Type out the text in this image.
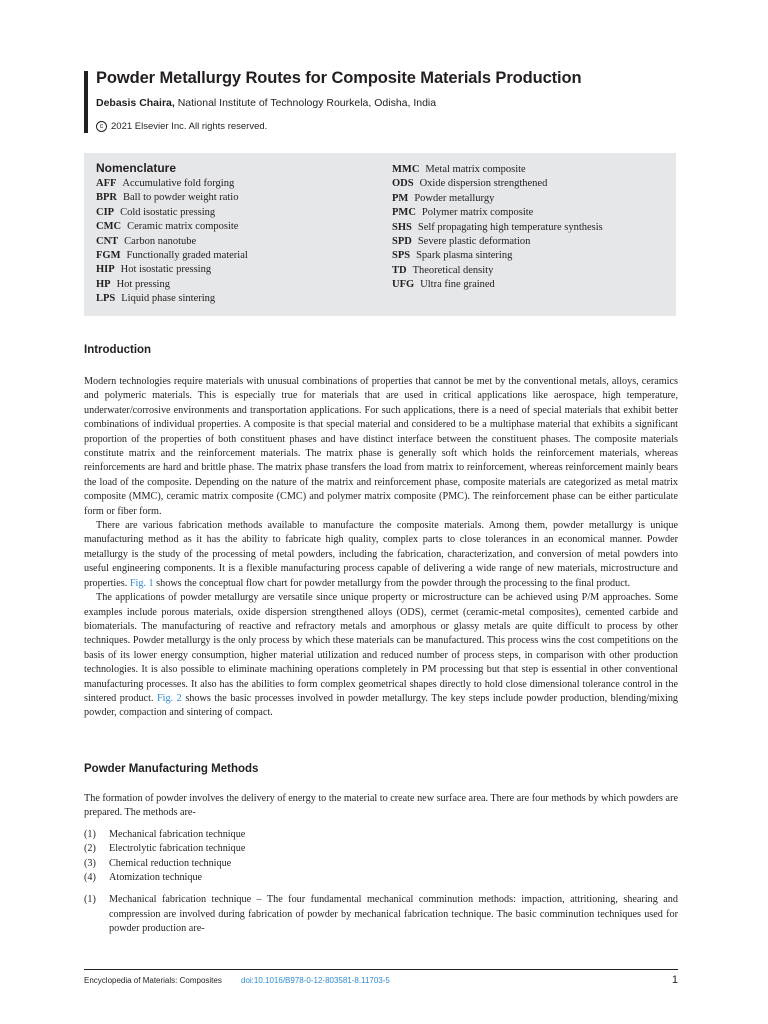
Powder Metallurgy Routes for Composite Materials Production
Debasis Chaira, National Institute of Technology Rourkela, Odisha, India
c 2021 Elsevier Inc. All rights reserved.
Nomenclature
AFF Accumulative fold forging
BPR Ball to powder weight ratio
CIP Cold isostatic pressing
CMC Ceramic matrix composite
CNT Carbon nanotube
FGM Functionally graded material
HIP Hot isostatic pressing
HP Hot pressing
LPS Liquid phase sintering
MMC Metal matrix composite
ODS Oxide dispersion strengthened
PM Powder metallurgy
PMC Polymer matrix composite
SHS Self propagating high temperature synthesis
SPD Severe plastic deformation
SPS Spark plasma sintering
TD Theoretical density
UFG Ultra fine grained
Introduction

Modern technologies require materials with unusual combinations of properties that cannot be met by the conventional metals, alloys, ceramics and polymeric materials. This is especially true for materials that are used in critical applications like aerospace, high temperature, underwater/corrosive environments and transportation applications. For such applications, there is a need of special materials that exhibit better combinations of individual properties. A composite is that special material and considered to be a multiphase material that exhibits a significant proportion of the properties of both constituent phases and have distinct interface between the constituent phases. The composite materials constitute matrix and the reinforcement materials. The matrix phase is generally soft which holds the reinforcement materials, whereas reinforcements are hard and brittle phase. The matrix phase transfers the load from matrix to reinforcement, whereas reinforcement mainly bears the load of the composite. Depending on the nature of the matrix and reinforcement phase, composite materials are categorized as metal matrix composite (MMC), ceramic matrix composite (CMC) and polymer matrix composite (PMC). The reinforcement phase can be either particulate form or fiber form.

There are various fabrication methods available to manufacture the composite materials. Among them, powder metallurgy is unique manufacturing method as it has the ability to fabricate high quality, complex parts to close tolerances in an economical manner. Powder metallurgy is the study of the processing of metal powders, including the fabrication, characterization, and conversion of metal powders into useful engineering components. It is a flexible manufacturing process capable of delivering a wide range of new materials, microstructure and properties. Fig. 1 shows the conceptual flow chart for powder metallurgy from the powder through the processing to the final product.

The applications of powder metallurgy are versatile since unique property or microstructure can be achieved using P/M approaches. Some examples include porous materials, oxide dispersion strengthened alloys (ODS), cermet (ceramic-metal composites), cemented carbide and biomaterials. The manufacturing of reactive and refractory metals and amorphous or glassy metals are quite difficult to process by other techniques. Powder metallurgy is the only process by which these materials can be manufactured. This process wins the cost competitions on the basis of its lower energy consumption, higher material utilization and reduced number of process steps, in comparison with other production technologies. It is also possible to eliminate machining operations completely in PM processing but that step is essential in other conventional manufacturing processes. It also has the abilities to form complex geometrical shapes directly to hold close dimensional tolerance control in the sintered product. Fig. 2 shows the basic processes involved in powder metallurgy. The key steps include powder production, blending/mixing powder, compaction and sintering of compact.

Powder Manufacturing Methods

The formation of powder involves the delivery of energy to the material to create new surface area. There are four methods by which powders are prepared. The methods are-

(1)	Mechanical fabrication technique
(2)	Electrolytic fabrication technique
(3)	Chemical reduction technique
(4)	Atomization technique
(1)	Mechanical fabrication technique – The four fundamental mechanical comminution methods: impaction, attritioning, shearing and compression are involved during fabrication of powder by mechanical fabrication technique. The basic comminution techniques used for powder production are-
Encyclopedia of Materials: Composites doi:10.1016/B978-0-12-803581-8.11703-5	1
